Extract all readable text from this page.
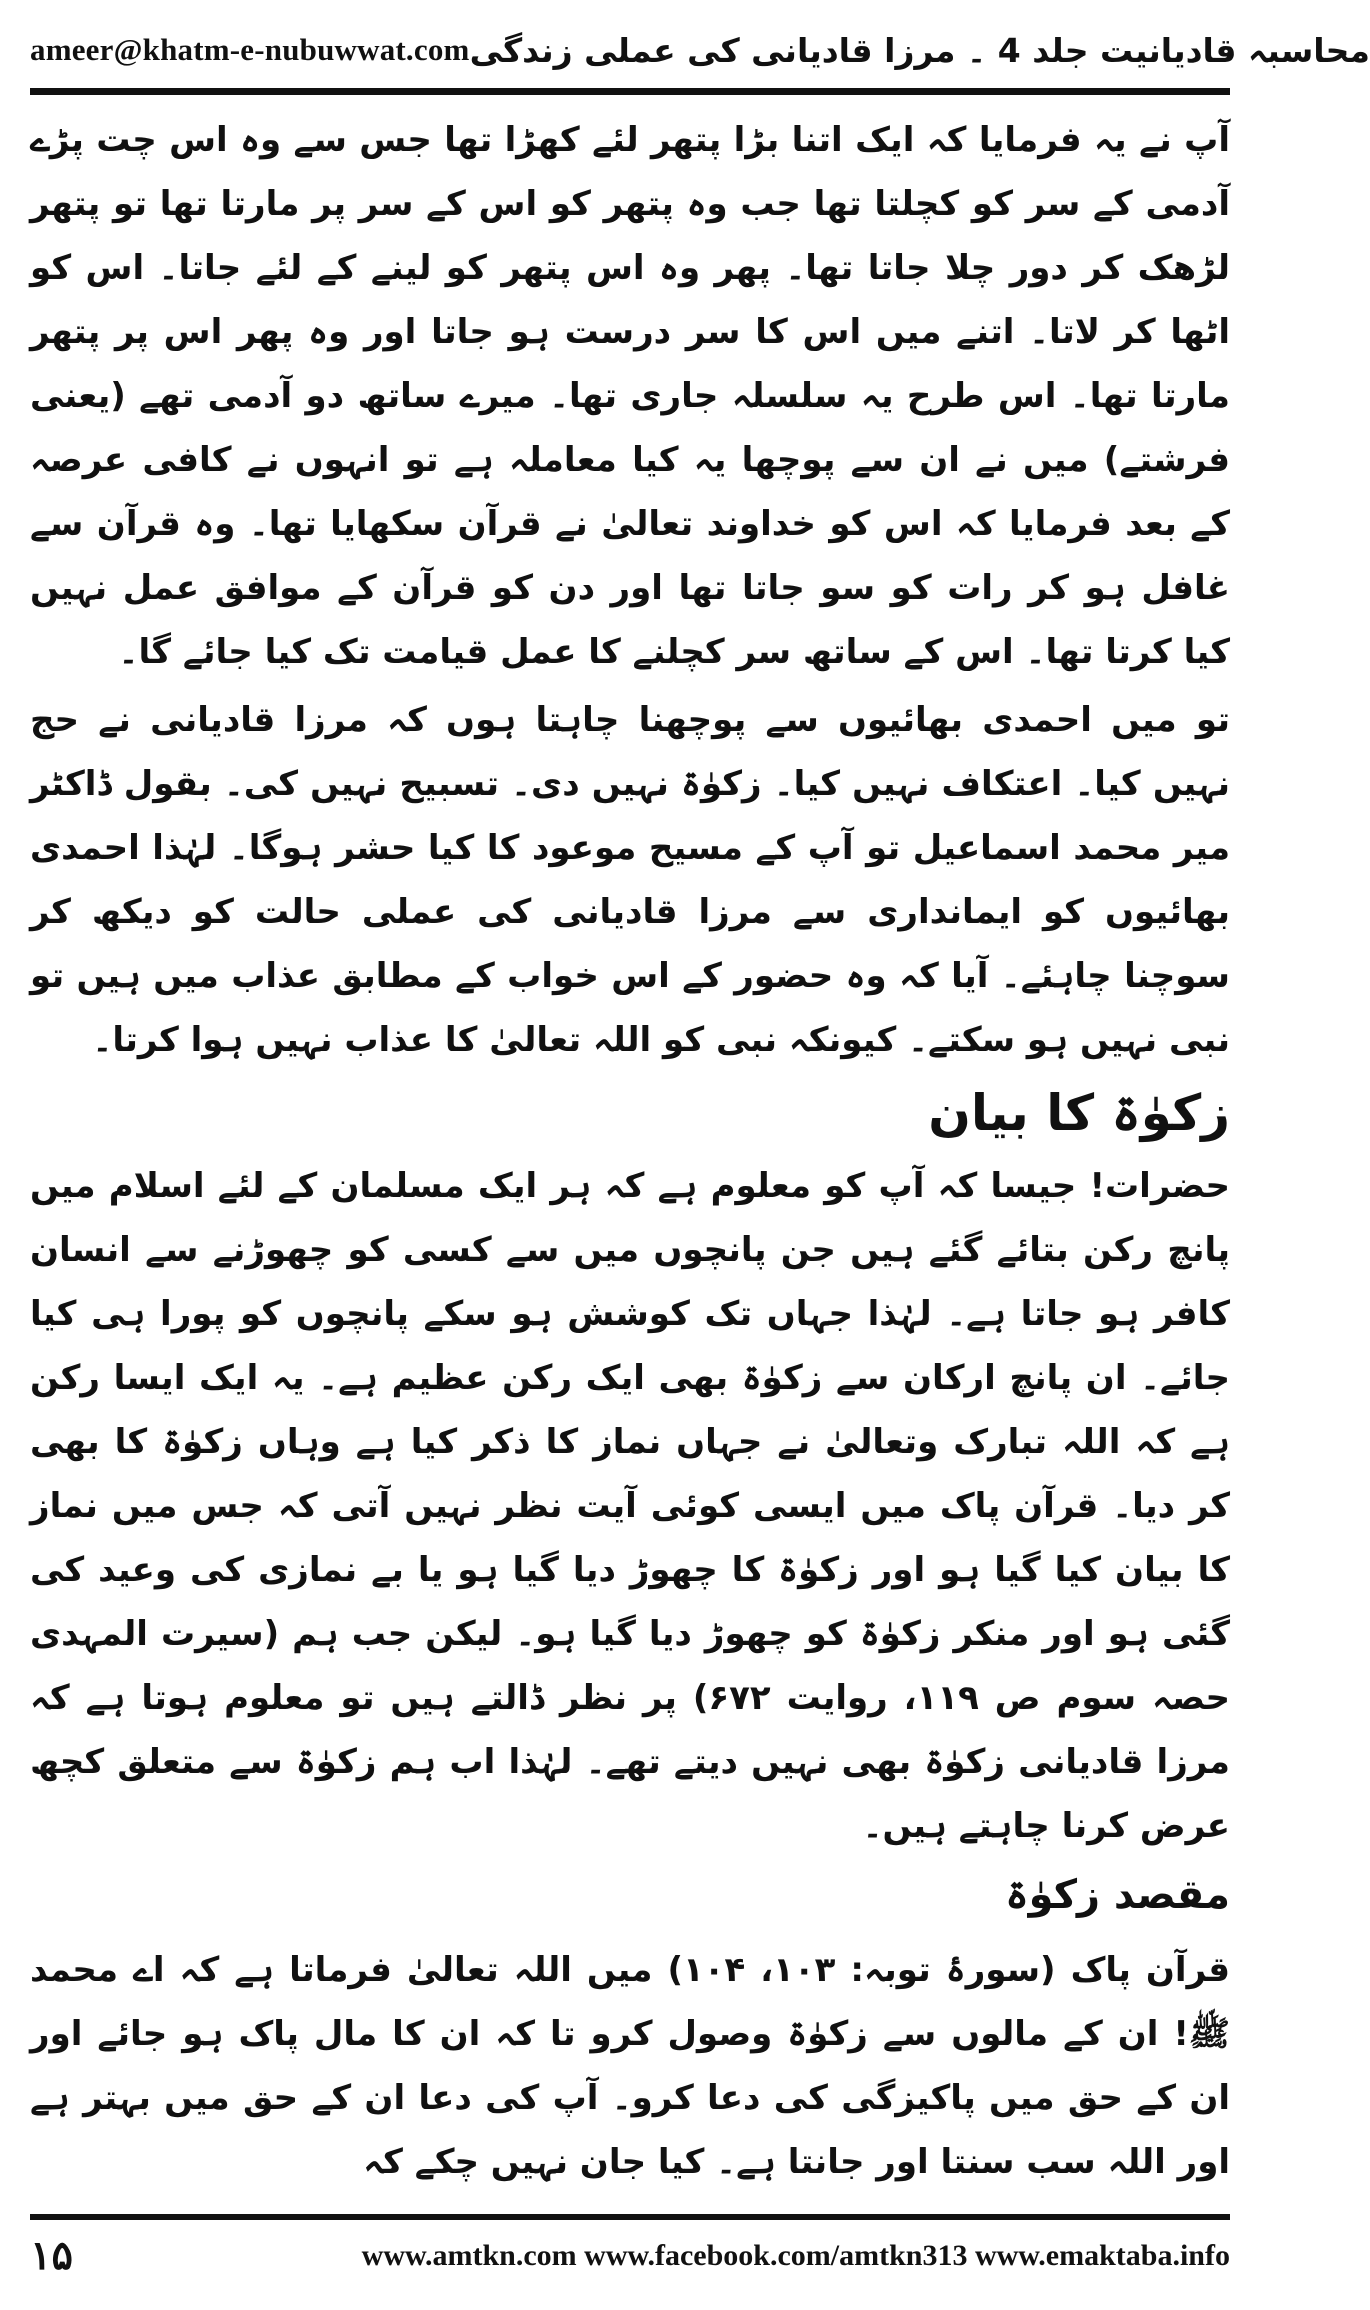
ameer@khatm-e-nubuwwat.com محاسبہ قادیانیت جلد 4 ۔ مرزا قادیانی کی عملی زندگی

آپ نے یہ فرمایا کہ ایک اتنا بڑا پتھر لئے کھڑا تھا جس سے وہ اس چت پڑے آدمی کے سر کو کچلتا تھا جب وہ پتھر کو اس کے سر پر مارتا تھا تو پتھر لڑھک کر دور چلا جاتا تھا۔ پھر وہ اس پتھر کو لینے کے لئے جاتا۔ اس کو اٹھا کر لاتا۔ اتنے میں اس کا سر درست ہو جاتا اور وہ پھر اس پر پتھر مارتا تھا۔ اس طرح یہ سلسلہ جاری تھا۔ میرے ساتھ دو آدمی تھے (یعنی فرشتے) میں نے ان سے پوچھا یہ کیا معاملہ ہے تو انہوں نے کافی عرصہ کے بعد فرمایا کہ اس کو خداوند تعالیٰ نے قرآن سکھایا تھا۔ وہ قرآن سے غافل ہو کر رات کو سو جاتا تھا اور دن کو قرآن کے موافق عمل نہیں کیا کرتا تھا۔ اس کے ساتھ سر کچلنے کا عمل قیامت تک کیا جائے گا۔

تو میں احمدی بھائیوں سے پوچھنا چاہتا ہوں کہ مرزا قادیانی نے حج نہیں کیا۔ اعتکاف نہیں کیا۔ زکوٰۃ نہیں دی۔ تسبیح نہیں کی۔ بقول ڈاکٹر میر محمد اسماعیل تو آپ کے مسیح موعود کا کیا حشر ہوگا۔ لہٰذا احمدی بھائیوں کو ایمانداری سے مرزا قادیانی کی عملی حالت کو دیکھ کر سوچنا چاہئے۔ آیا کہ وہ حضور کے اس خواب کے مطابق عذاب میں ہیں تو نبی نہیں ہو سکتے۔ کیونکہ نبی کو اللہ تعالیٰ کا عذاب نہیں ہوا کرتا۔

زکوٰۃ کا بیان

حضرات! جیسا کہ آپ کو معلوم ہے کہ ہر ایک مسلمان کے لئے اسلام میں پانچ رکن بتائے گئے ہیں جن پانچوں میں سے کسی کو چھوڑنے سے انسان کافر ہو جاتا ہے۔ لہٰذا جہاں تک کوشش ہو سکے پانچوں کو پورا ہی کیا جائے۔ ان پانچ ارکان سے زکوٰۃ بھی ایک رکن عظیم ہے۔ یہ ایک ایسا رکن ہے کہ اللہ تبارک وتعالیٰ نے جہاں نماز کا ذکر کیا ہے وہاں زکوٰۃ کا بھی کر دیا۔ قرآن پاک میں ایسی کوئی آیت نظر نہیں آتی کہ جس میں نماز کا بیان کیا گیا ہو اور زکوٰۃ کا چھوڑ دیا گیا ہو یا بے نمازی کی وعید کی گئی ہو اور منکر زکوٰۃ کو چھوڑ دیا گیا ہو۔ لیکن جب ہم (سیرت المہدی حصہ سوم ص ۱۱۹، روایت ۶۷۲) پر نظر ڈالتے ہیں تو معلوم ہوتا ہے کہ مرزا قادیانی زکوٰۃ بھی نہیں دیتے تھے۔ لہٰذا اب ہم زکوٰۃ سے متعلق کچھ عرض کرنا چاہتے ہیں۔

مقصد زکوٰۃ

قرآن پاک (سورۂ توبہ: ۱۰۳، ۱۰۴) میں اللہ تعالیٰ فرماتا ہے کہ اے محمد ﷺ! ان کے مالوں سے زکوٰۃ وصول کرو تا کہ ان کا مال پاک ہو جائے اور ان کے حق میں پاکیزگی کی دعا کرو۔ آپ کی دعا ان کے حق میں بہتر ہے اور اللہ سب سنتا اور جانتا ہے۔ کیا جان نہیں چکے کہ

۱۵	www.amtkn.com www.facebook.com/amtkn313 www.emaktaba.info
